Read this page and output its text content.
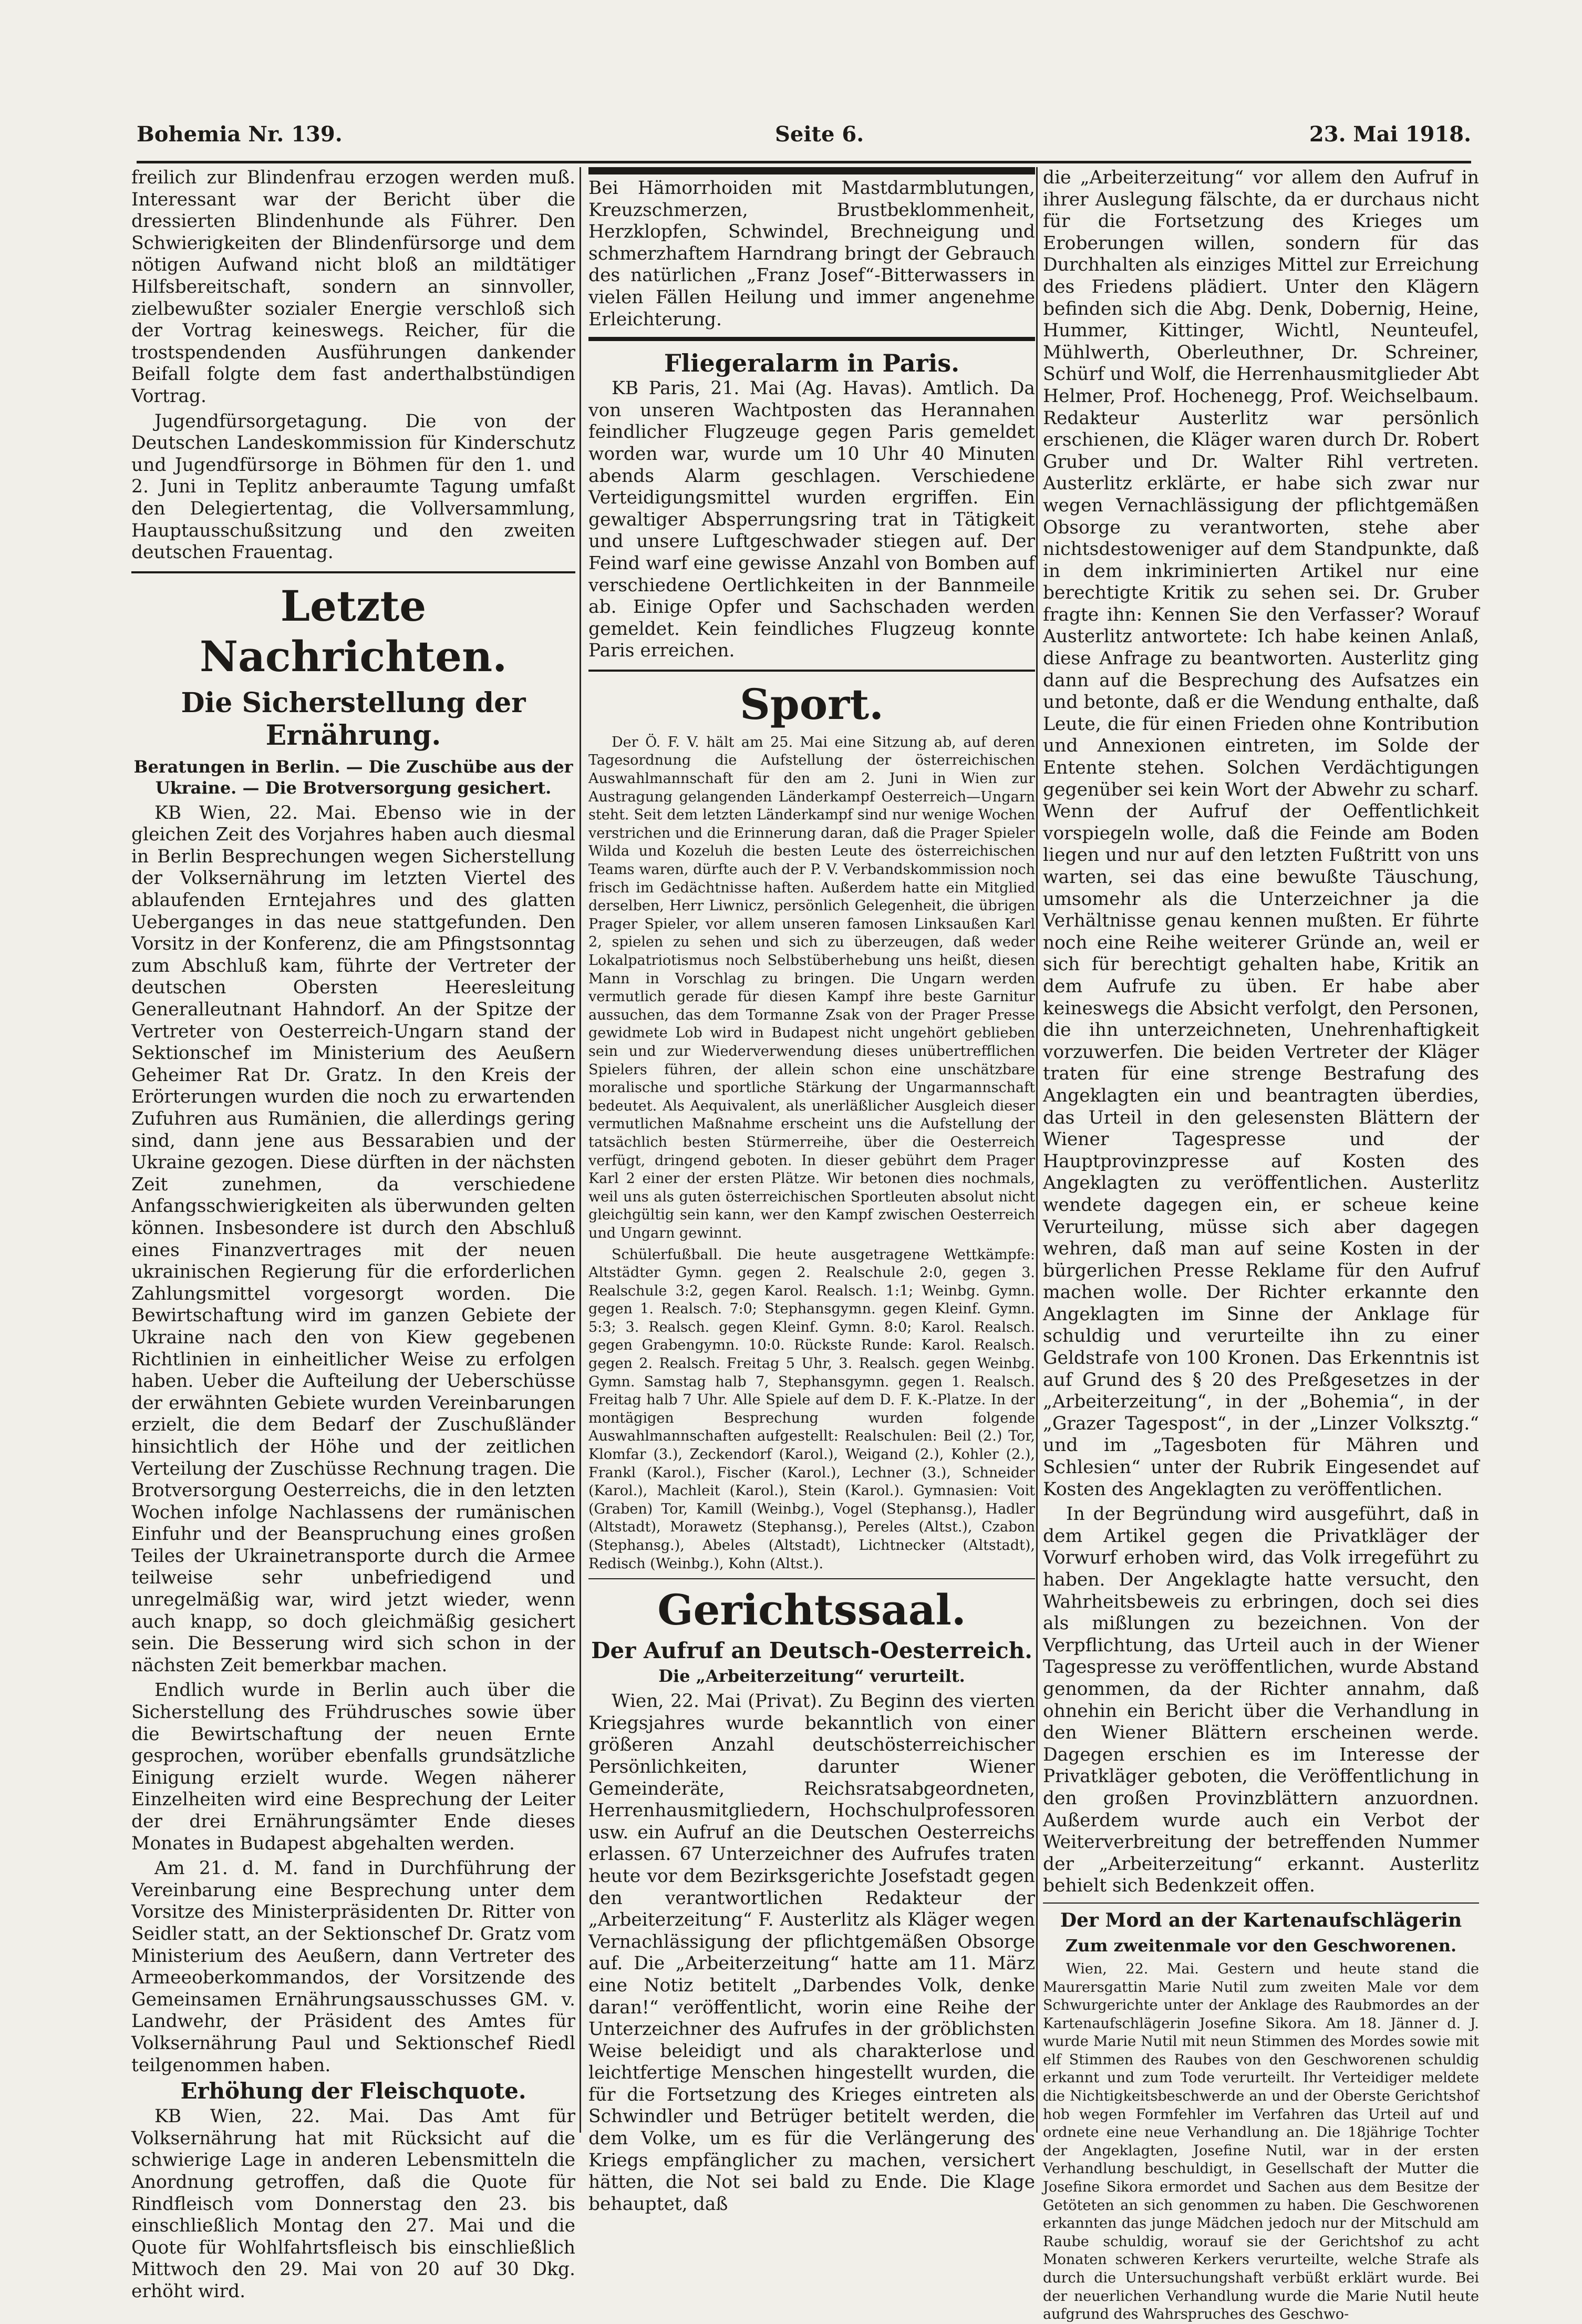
Bohemia Nr. 139.	Seite 6.	23. Mai 1918.

freilich zur Blindenfrau erzogen werden muß. Interessant war der Bericht über die dressierten Blindenhunde als Führer. Den Schwierigkeiten der Blindenfürsorge und dem nötigen Aufwand nicht bloß an mildtätiger Hilfsbereitschaft, sondern an sinnvoller, zielbewußter sozialer Energie verschloß sich der Vortrag keineswegs. Reicher, für die trostspendenden Ausführungen dankender Beifall folgte dem fast anderthalbstündigen Vortrag.

Jugendfürsorgetagung. Die von der Deutschen Landeskommission für Kinderschutz und Jugendfürsorge in Böhmen für den 1. und 2. Juni in Teplitz anberaumte Tagung umfaßt den Delegiertentag, die Vollversammlung, Hauptausschußsitzung und den zweiten deutschen Frauentag.

Letzte Nachrichten.
Die Sicherstellung der Ernährung.
Beratungen in Berlin. — Die Zuschübe aus der Ukraine. — Die Brotversorgung gesichert.

KB Wien, 22. Mai. Ebenso wie in der gleichen Zeit des Vorjahres haben auch diesmal in Berlin Besprechungen wegen Sicherstellung der Volksernährung im letzten Viertel des ablaufenden Erntejahres und des glatten Ueberganges in das neue stattgefunden. Den Vorsitz in der Konferenz, die am Pfingstsonntag zum Abschluß kam, führte der Vertreter der deutschen Obersten Heeresleitung Generalleutnant Hahndorf. An der Spitze der Vertreter von Oesterreich-Ungarn stand der Sektionschef im Ministerium des Aeußern Geheimer Rat Dr. Gratz. In den Kreis der Erörterungen wurden die noch zu erwartenden Zufuhren aus Rumänien, die allerdings gering sind, dann jene aus Bessarabien und der Ukraine gezogen. Diese dürften in der nächsten Zeit zunehmen, da verschiedene Anfangsschwierigkeiten als überwunden gelten können. Insbesondere ist durch den Abschluß eines Finanzvertrages mit der neuen ukrainischen Regierung für die erforderlichen Zahlungsmittel vorgesorgt worden. Die Bewirtschaftung wird im ganzen Gebiete der Ukraine nach den von Kiew gegebenen Richtlinien in einheitlicher Weise zu erfolgen haben. Ueber die Aufteilung der Ueberschüsse der erwähnten Gebiete wurden Vereinbarungen erzielt, die dem Bedarf der Zuschußländer hinsichtlich der Höhe und der zeitlichen Verteilung der Zuschüsse Rechnung tragen. Die Brotversorgung Oesterreichs, die in den letzten Wochen infolge Nachlassens der rumänischen Einfuhr und der Beanspruchung eines großen Teiles der Ukrainetransporte durch die Armee teilweise sehr unbefriedigend und unregelmäßig war, wird jetzt wieder, wenn auch knapp, so doch gleichmäßig gesichert sein. Die Besserung wird sich schon in der nächsten Zeit bemerkbar machen.

Endlich wurde in Berlin auch über die Sicherstellung des Frühdrusches sowie über die Bewirtschaftung der neuen Ernte gesprochen, worüber ebenfalls grundsätzliche Einigung erzielt wurde. Wegen näherer Einzelheiten wird eine Besprechung der Leiter der drei Ernährungsämter Ende dieses Monates in Budapest abgehalten werden.

Am 21. d. M. fand in Durchführung der Vereinbarung eine Besprechung unter dem Vorsitze des Ministerpräsidenten Dr. Ritter von Seidler statt, an der Sektionschef Dr. Gratz vom Ministerium des Aeußern, dann Vertreter des Armeeoberkommandos, der Vorsitzende des Gemeinsamen Ernährungsausschusses GM. v. Landwehr, der Präsident des Amtes für Volksernährung Paul und Sektionschef Riedl teilgenommen haben.

Erhöhung der Fleischquote.

KB Wien, 22. Mai. Das Amt für Volksernährung hat mit Rücksicht auf die schwierige Lage in anderen Lebensmitteln die Anordnung getroffen, daß die Quote für Rindfleisch vom Donnerstag den 23. bis einschließlich Montag den 27. Mai und die Quote für Wohlfahrtsfleisch bis einschließlich Mittwoch den 29. Mai von 20 auf 30 Dkg. erhöht wird.

Bei Hämorrhoiden mit Mastdarmblutungen, Kreuzschmerzen, Brustbeklommenheit, Herzklopfen, Schwindel, Brechneigung und schmerzhaftem Harndrang bringt der Gebrauch des natürlichen „Franz Josef“-Bitterwassers in vielen Fällen Heilung und immer angenehme Erleichterung.

Fliegeralarm in Paris.

KB Paris, 21. Mai (Ag. Havas). Amtlich. Da von unseren Wachtposten das Herannahen feindlicher Flugzeuge gegen Paris gemeldet worden war, wurde um 10 Uhr 40 Minuten abends Alarm geschlagen. Verschiedene Verteidigungsmittel wurden ergriffen. Ein gewaltiger Absperrungsring trat in Tätigkeit und unsere Luftgeschwader stiegen auf. Der Feind warf eine gewisse Anzahl von Bomben auf verschiedene Oertlichkeiten in der Bannmeile ab. Einige Opfer und Sachschaden werden gemeldet. Kein feindliches Flugzeug konnte Paris erreichen.

Sport.

Der Ö. F. V. hält am 25. Mai eine Sitzung ab, auf deren Tagesordnung die Aufstellung der österreichischen Auswahlmannschaft für den am 2. Juni in Wien zur Austragung gelangenden Länderkampf Oesterreich—Ungarn steht. Seit dem letzten Länderkampf sind nur wenige Wochen verstrichen und die Erinnerung daran, daß die Prager Spieler Wilda und Kozeluh die besten Leute des österreichischen Teams waren, dürfte auch der P. V. Verbandskommission noch frisch im Gedächtnisse haften. Außerdem hatte ein Mitglied derselben, Herr Liwnicz, persönlich Gelegenheit, die übrigen Prager Spieler, vor allem unseren famosen Linksaußen Karl 2, spielen zu sehen und sich zu überzeugen, daß weder Lokalpatriotismus noch Selbstüberhebung uns heißt, diesen Mann in Vorschlag zu bringen. Die Ungarn werden vermutlich gerade für diesen Kampf ihre beste Garnitur aussuchen, das dem Tormanne Zsak von der Prager Presse gewidmete Lob wird in Budapest nicht ungehört geblieben sein und zur Wiederverwendung dieses unübertrefflichen Spielers führen, der allein schon eine unschätzbare moralische und sportliche Stärkung der Ungarmannschaft bedeutet. Als Aequivalent, als unerläßlicher Ausgleich dieser vermutlichen Maßnahme erscheint uns die Aufstellung der tatsächlich besten Stürmerreihe, über die Oesterreich verfügt, dringend geboten. In dieser gebührt dem Prager Karl 2 einer der ersten Plätze. Wir betonen dies nochmals, weil uns als guten österreichischen Sportleuten absolut nicht gleichgültig sein kann, wer den Kampf zwischen Oesterreich und Ungarn gewinnt.

Schülerfußball. Die heute ausgetragene Wettkämpfe: Altstädter Gymn. gegen 2. Realschule 2:0, gegen 3. Realschule 3:2, gegen Karol. Realsch. 1:1; Weinbg. Gymn. gegen 1. Realsch. 7:0; Stephansgymn. gegen Kleinf. Gymn. 5:3; 3. Realsch. gegen Kleinf. Gymn. 8:0; Karol. Realsch. gegen Grabengymn. 10:0. Rückste Runde: Karol. Realsch. gegen 2. Realsch. Freitag 5 Uhr, 3. Realsch. gegen Weinbg. Gymn. Samstag halb 7, Stephansgymn. gegen 1. Realsch. Freitag halb 7 Uhr. Alle Spiele auf dem D. F. K.-Platze. In der montägigen Besprechung wurden folgende Auswahlmannschaften aufgestellt: Realschulen: Beil (2.) Tor, Klomfar (3.), Zeckendorf (Karol.), Weigand (2.), Kohler (2.), Frankl (Karol.), Fischer (Karol.), Lechner (3.), Schneider (Karol.), Machleit (Karol.), Stein (Karol.). Gymnasien: Voit (Graben) Tor, Kamill (Weinbg.), Vogel (Stephansg.), Hadler (Altstadt), Morawetz (Stephansg.), Pereles (Altst.), Czabon (Stephansg.), Abeles (Altstadt), Lichtnecker (Altstadt), Redisch (Weinbg.), Kohn (Altst.).

Gerichtssaal.
Der Aufruf an Deutsch-Oesterreich.
Die „Arbeiterzeitung“ verurteilt.

Wien, 22. Mai (Privat). Zu Beginn des vierten Kriegsjahres wurde bekanntlich von einer größeren Anzahl deutschösterreichischer Persönlichkeiten, darunter Wiener Gemeinderäte, Reichsratsabgeordneten, Herrenhausmitgliedern, Hochschulprofessoren usw. ein Aufruf an die Deutschen Oesterreichs erlassen. 67 Unterzeichner des Aufrufes traten heute vor dem Bezirksgerichte Josefstadt gegen den verantwortlichen Redakteur der „Arbeiterzeitung“ F. Austerlitz als Kläger wegen Vernachlässigung der pflichtgemäßen Obsorge auf. Die „Arbeiterzeitung“ hatte am 11. März eine Notiz betitelt „Darbendes Volk, denke daran!“ veröffentlicht, worin eine Reihe der Unterzeichner des Aufrufes in der gröblichsten Weise beleidigt und als charakterlose und leichtfertige Menschen hingestellt wurden, die für die Fortsetzung des Krieges eintreten als Schwindler und Betrüger betitelt werden, die dem Volke, um es für die Verlängerung des Kriegs empfänglicher zu machen, versichert hätten, die Not sei bald zu Ende. Die Klage behauptet, daß

die „Arbeiterzeitung“ vor allem den Aufruf in ihrer Auslegung fälschte, da er durchaus nicht für die Fortsetzung des Krieges um Eroberungen willen, sondern für das Durchhalten als einziges Mittel zur Erreichung des Friedens plädiert. Unter den Klägern befinden sich die Abg. Denk, Dobernig, Heine, Hummer, Kittinger, Wichtl, Neunteufel, Mühlwerth, Oberleuthner, Dr. Schreiner, Schürf und Wolf, die Herrenhausmitglieder Abt Helmer, Prof. Hochenegg, Prof. Weichselbaum. Redakteur Austerlitz war persönlich erschienen, die Kläger waren durch Dr. Robert Gruber und Dr. Walter Rihl vertreten. Austerlitz erklärte, er habe sich zwar nur wegen Vernachlässigung der pflichtgemäßen Obsorge zu verantworten, stehe aber nichtsdestoweniger auf dem Standpunkte, daß in dem inkriminierten Artikel nur eine berechtigte Kritik zu sehen sei. Dr. Gruber fragte ihn: Kennen Sie den Verfasser? Worauf Austerlitz antwortete: Ich habe keinen Anlaß, diese Anfrage zu beantworten. Austerlitz ging dann auf die Besprechung des Aufsatzes ein und betonte, daß er die Wendung enthalte, daß Leute, die für einen Frieden ohne Kontribution und Annexionen eintreten, im Solde der Entente stehen. Solchen Verdächtigungen gegenüber sei kein Wort der Abwehr zu scharf. Wenn der Aufruf der Oeffentlichkeit vorspiegeln wolle, daß die Feinde am Boden liegen und nur auf den letzten Fußtritt von uns warten, sei das eine bewußte Täuschung, umsomehr als die Unterzeichner ja die Verhältnisse genau kennen mußten. Er führte noch eine Reihe weiterer Gründe an, weil er sich für berechtigt gehalten habe, Kritik an dem Aufrufe zu üben. Er habe aber keineswegs die Absicht verfolgt, den Personen, die ihn unterzeichneten, Unehrenhaftigkeit vorzuwerfen. Die beiden Vertreter der Kläger traten für eine strenge Bestrafung des Angeklagten ein und beantragten überdies, das Urteil in den gelesensten Blättern der Wiener Tagespresse und der Hauptprovinzpresse auf Kosten des Angeklagten zu veröffentlichen. Austerlitz wendete dagegen ein, er scheue keine Verurteilung, müsse sich aber dagegen wehren, daß man auf seine Kosten in der bürgerlichen Presse Reklame für den Aufruf machen wolle. Der Richter erkannte den Angeklagten im Sinne der Anklage für schuldig und verurteilte ihn zu einer Geldstrafe von 100 Kronen. Das Erkenntnis ist auf Grund des § 20 des Preßgesetzes in der „Arbeiterzeitung“, in der „Bohemia“, in der „Grazer Tagespost“, in der „Linzer Volksztg.“ und im „Tagesboten für Mähren und Schlesien“ unter der Rubrik Eingesendet auf Kosten des Angeklagten zu veröffentlichen.

In der Begründung wird ausgeführt, daß in dem Artikel gegen die Privatkläger der Vorwurf erhoben wird, das Volk irregeführt zu haben. Der Angeklagte hatte versucht, den Wahrheitsbeweis zu erbringen, doch sei dies als mißlungen zu bezeichnen. Von der Verpflichtung, das Urteil auch in der Wiener Tagespresse zu veröffentlichen, wurde Abstand genommen, da der Richter annahm, daß ohnehin ein Bericht über die Verhandlung in den Wiener Blättern erscheinen werde. Dagegen erschien es im Interesse der Privatkläger geboten, die Veröffentlichung in den großen Provinzblättern anzuordnen. Außerdem wurde auch ein Verbot der Weiterverbreitung der betreffenden Nummer der „Arbeiterzeitung“ erkannt. Austerlitz behielt sich Bedenkzeit offen.

Der Mord an der Kartenaufschlägerin
Zum zweitenmale vor den Geschworenen.

Wien, 22. Mai. Gestern und heute stand die Maurersgattin Marie Nutil zum zweiten Male vor dem Schwurgerichte unter der Anklage des Raubmordes an der Kartenaufschlägerin Josefine Sikora. Am 18. Jänner d. J. wurde Marie Nutil mit neun Stimmen des Mordes sowie mit elf Stimmen des Raubes von den Geschworenen schuldig erkannt und zum Tode verurteilt. Ihr Verteidiger meldete die Nichtigkeitsbeschwerde an und der Oberste Gerichtshof hob wegen Formfehler im Verfahren das Urteil auf und ordnete eine neue Verhandlung an. Die 18jährige Tochter der Angeklagten, Josefine Nutil, war in der ersten Verhandlung beschuldigt, in Gesellschaft der Mutter die Josefine Sikora ermordet und Sachen aus dem Besitze der Getöteten an sich genommen zu haben. Die Geschworenen erkannten das junge Mädchen jedoch nur der Mitschuld am Raube schuldig, worauf sie der Gerichtshof zu acht Monaten schweren Kerkers verurteilte, welche Strafe als durch die Untersuchungshaft verbüßt erklärt wurde. Bei der neuerlichen Verhandlung wurde die Marie Nutil heute aufgrund des Wahrspruches des Geschwo-
